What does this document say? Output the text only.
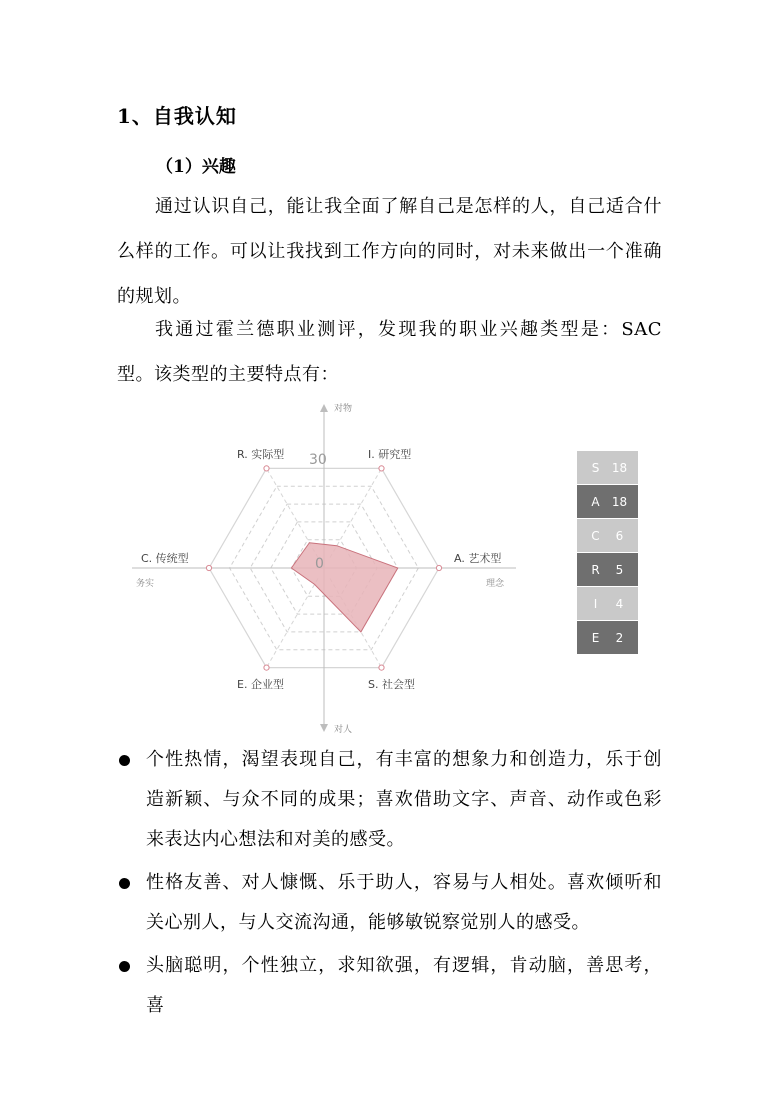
1、自我认知
（1）兴趣
通过认识自己，能让我全面了解自己是怎样的人，自己适合什么样的工作。可以让我找到工作方向的同时，对未来做出一个准确的规划。
我通过霍兰德职业测评，发现我的职业兴趣类型是：SAC 型。该类型的主要特点有：
对物
对人
务实	理念
30
0
R. 实际型	I. 研究型
A. 艺术型
S. 社会型
E. 企业型
C. 传统型
S	18
A	18
C	6
R	5
I	4
E	2
个性热情，渴望表现自己，有丰富的想象力和创造力，乐于创造新颖、与众不同的成果；喜欢借助文字、声音、动作或色彩来表达内心想法和对美的感受。
性格友善、对人慷慨、乐于助人，容易与人相处。喜欢倾听和关心别人，与人交流沟通，能够敏锐察觉别人的感受。
头脑聪明，个性独立，求知欲强，有逻辑，肯动脑，善思考，喜
